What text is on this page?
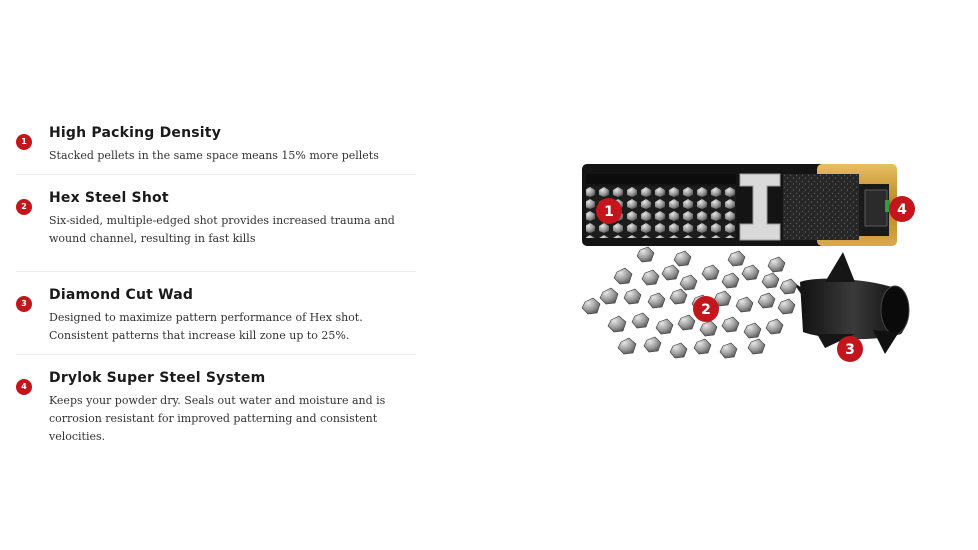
1
High Packing Density

Stacked pellets in the same space means 15% more pellets

2
Hex Steel Shot

Six-sided, multiple-edged shot provides increased trauma and wound channel, resulting in fast kills

3
Diamond Cut Wad

Designed to maximize pattern performance of Hex shot. Consistent patterns that increase kill zone up to 25%.

4
Drylok Super Steel System

Keeps your powder dry. Seals out water and moisture and is corrosion resistant for improved patterning and consistent velocities.

1
2
3
4
